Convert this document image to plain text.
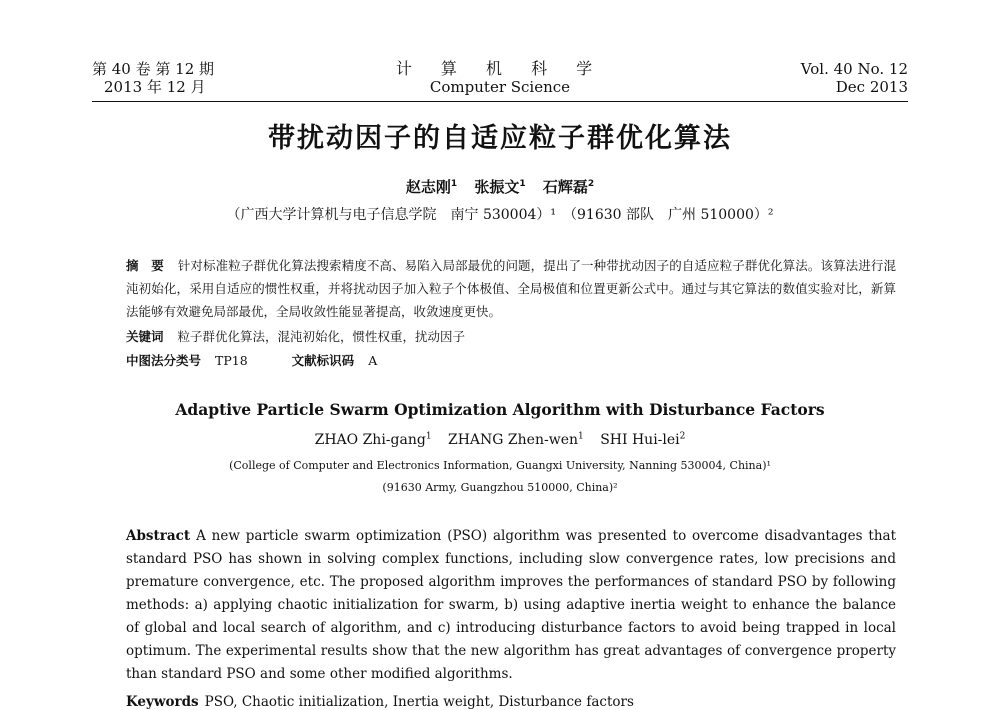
第 40 卷 第 12 期
2013 年 12 月
计 算 机 科 学
Computer Science
Vol. 40 No. 12
Dec 2013
带扰动因子的自适应粒子群优化算法
赵志刚$^1$ 张振文$^1$ 石辉磊$^2$
（广西大学计算机与电子信息学院　南宁 530004）¹　（91630 部队　广州 510000）²
摘　要 针对标准粒子群优化算法搜索精度不高、易陷入局部最优的问题，提出了一种带扰动因子的自适应粒子群优化算法。该算法进行混沌初始化，采用自适应的惯性权重，并将扰动因子加入粒子个体极值、全局极值和位置更新公式中。通过与其它算法的数值实验对比，新算法能够有效避免局部最优，全局收敛性能显著提高，收敛速度更快。
关键词 粒子群优化算法，混沌初始化，惯性权重，扰动因子
中图法分类号 TP18	文献标识码 A
Adaptive Particle Swarm Optimization Algorithm with Disturbance Factors
ZHAO Zhi-gang$^1$ ZHANG Zhen-wen$^1$ SHI Hui-lei$^2$
(College of Computer and Electronics Information, Guangxi University, Nanning 530004, China)¹
(91630 Army, Guangzhou 510000, China)²
Abstract A new particle swarm optimization (PSO) algorithm was presented to overcome disadvantages that standard PSO has shown in solving complex functions, including slow convergence rates, low precisions and premature convergence, etc. The proposed algorithm improves the performances of standard PSO by following methods: a) applying chaotic initialization for swarm, b) using adaptive inertia weight to enhance the balance of global and local search of algorithm, and c) introducing disturbance factors to avoid being trapped in local optimum. The experimental results show that the new algorithm has great advantages of convergence property than standard PSO and some other modified algorithms.
Keywords PSO, Chaotic initialization, Inertia weight, Disturbance factors
